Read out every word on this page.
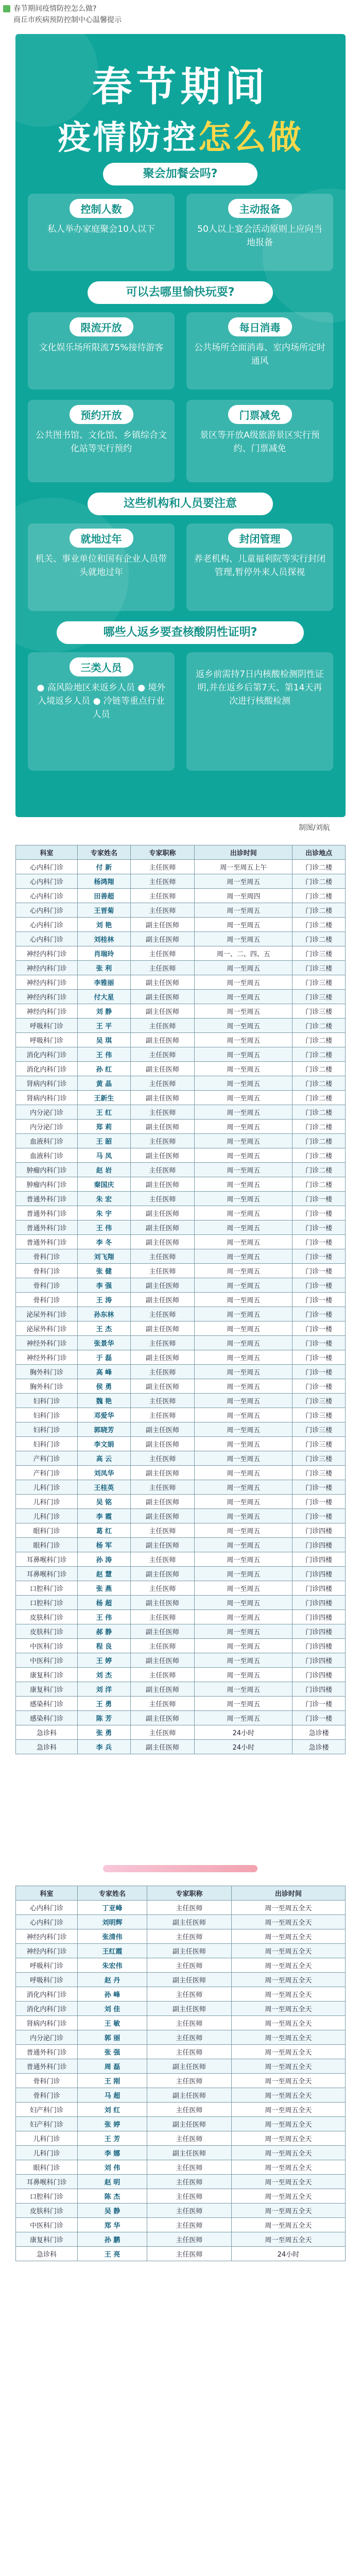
春节期间疫情防控怎么做?
商丘市疾病预防控制中心温馨提示
春节期间
疫情防控怎么做
聚会加餐会吗?
控制人数
私人举办家庭聚会10人以下
主动报备
50人以上宴会活动原则上应向当地报备
可以去哪里愉快玩耍?
限流开放
文化娱乐场所限流75%接待游客
每日消毒
公共场所全面消毒、室内场所定时通风
预约开放
公共图书馆、文化馆、乡镇综合文化站等实行预约
门票减免
景区等开放A级旅游景区实行预约、门票减免
这些机构和人员要注意
就地过年
机关、事业单位和国有企业人员带头就地过年
封闭管理
养老机构、儿童福利院等实行封闭管理,暂停外来人员探视
哪些人返乡要查核酸阴性证明?
三类人员
● 高风险地区来返乡人员 ● 境外入境返乡人员 ● 冷链等重点行业人员
返乡前需持7日内核酸检测阴性证明,并在返乡后第7天、第14天再次进行核酸检测
制图/刘航
科室	专家姓名	专家职称	出诊时间	出诊地点
心内科门诊	付 新	主任医师	周一至周五上午	门诊二楼
心内科门诊	杨鸿翔	主任医师	周一至周五	门诊二楼
心内科门诊	田善超	主任医师	周一至周四	门诊二楼
心内科门诊	王晋菊	主任医师	周一至周五	门诊二楼
心内科门诊	刘 艳	副主任医师	周一至周五	门诊二楼
心内科门诊	刘桂林	副主任医师	周一至周五	门诊二楼
神经内科门诊	肖瑞玲	主任医师	周一、二、四、五	门诊三楼
神经内科门诊	张 利	主任医师	周一至周五	门诊三楼
神经内科门诊	李雅丽	副主任医师	周一至周五	门诊三楼
神经内科门诊	付大星	副主任医师	周一至周五	门诊三楼
神经内科门诊	刘 静	副主任医师	周一至周五	门诊三楼
呼吸科门诊	王 平	主任医师	周一至周五	门诊二楼
呼吸科门诊	吴 琪	副主任医师	周一至周五	门诊二楼
消化内科门诊	王 伟	主任医师	周一至周五	门诊二楼
消化内科门诊	孙 红	副主任医师	周一至周五	门诊二楼
肾病内科门诊	黄 晶	主任医师	周一至周五	门诊二楼
肾病内科门诊	王新生	副主任医师	周一至周五	门诊二楼
内分泌门诊	王 红	主任医师	周一至周五	门诊二楼
内分泌门诊	郑 莉	副主任医师	周一至周五	门诊二楼
血液科门诊	王 韶	主任医师	周一至周五	门诊二楼
血液科门诊	马 凤	副主任医师	周一至周五	门诊二楼
肿瘤内科门诊	赵 岩	主任医师	周一至周五	门诊二楼
肿瘤内科门诊	秦国庆	副主任医师	周一至周五	门诊二楼
普通外科门诊	朱 宏	主任医师	周一至周五	门诊一楼
普通外科门诊	朱 宇	副主任医师	周一至周五	门诊一楼
普通外科门诊	王 伟	副主任医师	周一至周五	门诊一楼
普通外科门诊	李 冬	副主任医师	周一至周五	门诊一楼
骨科门诊	刘飞翔	主任医师	周一至周五	门诊一楼
骨科门诊	张 健	主任医师	周一至周五	门诊一楼
骨科门诊	李 强	副主任医师	周一至周五	门诊一楼
骨科门诊	王 涛	副主任医师	周一至周五	门诊一楼
泌尿外科门诊	孙东林	主任医师	周一至周五	门诊一楼
泌尿外科门诊	王 杰	副主任医师	周一至周五	门诊一楼
神经外科门诊	张景华	主任医师	周一至周五	门诊一楼
神经外科门诊	于 磊	副主任医师	周一至周五	门诊一楼
胸外科门诊	高 峰	主任医师	周一至周五	门诊一楼
胸外科门诊	侯 勇	副主任医师	周一至周五	门诊一楼
妇科门诊	魏 艳	主任医师	周一至周五	门诊三楼
妇科门诊	邓爱华	主任医师	周一至周五	门诊三楼
妇科门诊	郭晓芳	副主任医师	周一至周五	门诊三楼
妇科门诊	李文娟	副主任医师	周一至周五	门诊三楼
产科门诊	高 云	主任医师	周一至周五	门诊三楼
产科门诊	刘凤华	副主任医师	周一至周五	门诊三楼
儿科门诊	王桂英	主任医师	周一至周五	门诊一楼
儿科门诊	吴 铭	副主任医师	周一至周五	门诊一楼
儿科门诊	李 霞	副主任医师	周一至周五	门诊一楼
眼科门诊	葛 红	主任医师	周一至周五	门诊四楼
眼科门诊	杨 军	副主任医师	周一至周五	门诊四楼
耳鼻喉科门诊	孙 涛	主任医师	周一至周五	门诊四楼
耳鼻喉科门诊	赵 慧	副主任医师	周一至周五	门诊四楼
口腔科门诊	张 燕	主任医师	周一至周五	门诊四楼
口腔科门诊	杨 超	副主任医师	周一至周五	门诊四楼
皮肤科门诊	王 伟	主任医师	周一至周五	门诊四楼
皮肤科门诊	郝 静	副主任医师	周一至周五	门诊四楼
中医科门诊	程 良	主任医师	周一至周五	门诊四楼
中医科门诊	王 婷	副主任医师	周一至周五	门诊四楼
康复科门诊	刘 杰	主任医师	周一至周五	门诊四楼
康复科门诊	刘 洋	副主任医师	周一至周五	门诊四楼
感染科门诊	王 勇	主任医师	周一至周五	门诊一楼
感染科门诊	陈 芳	副主任医师	周一至周五	门诊一楼
急诊科	张 勇	主任医师	24小时	急诊楼
急诊科	李 兵	副主任医师	24小时	急诊楼
科室	专家姓名	专家职称	出诊时间
心内科门诊	丁亚峰	主任医师	周一至周五全天
心内科门诊	刘明辉	副主任医师	周一至周五全天
神经内科门诊	张清伟	主任医师	周一至周五全天
神经内科门诊	王红霞	副主任医师	周一至周五全天
呼吸科门诊	朱宏伟	主任医师	周一至周五全天
呼吸科门诊	赵 丹	副主任医师	周一至周五全天
消化内科门诊	孙 峰	主任医师	周一至周五全天
消化内科门诊	刘 佳	副主任医师	周一至周五全天
肾病内科门诊	王 敏	主任医师	周一至周五全天
内分泌门诊	郭 丽	主任医师	周一至周五全天
普通外科门诊	张 强	主任医师	周一至周五全天
普通外科门诊	周 磊	副主任医师	周一至周五全天
骨科门诊	王 刚	主任医师	周一至周五全天
骨科门诊	马 超	副主任医师	周一至周五全天
妇产科门诊	刘 红	主任医师	周一至周五全天
妇产科门诊	张 婷	副主任医师	周一至周五全天
儿科门诊	王 芳	主任医师	周一至周五全天
儿科门诊	李 娜	副主任医师	周一至周五全天
眼科门诊	刘 伟	主任医师	周一至周五全天
耳鼻喉科门诊	赵 明	主任医师	周一至周五全天
口腔科门诊	陈 杰	主任医师	周一至周五全天
皮肤科门诊	吴 静	主任医师	周一至周五全天
中医科门诊	郑 华	主任医师	周一至周五全天
康复科门诊	孙 鹏	主任医师	周一至周五全天
急诊科	王 亮	主任医师	24小时
